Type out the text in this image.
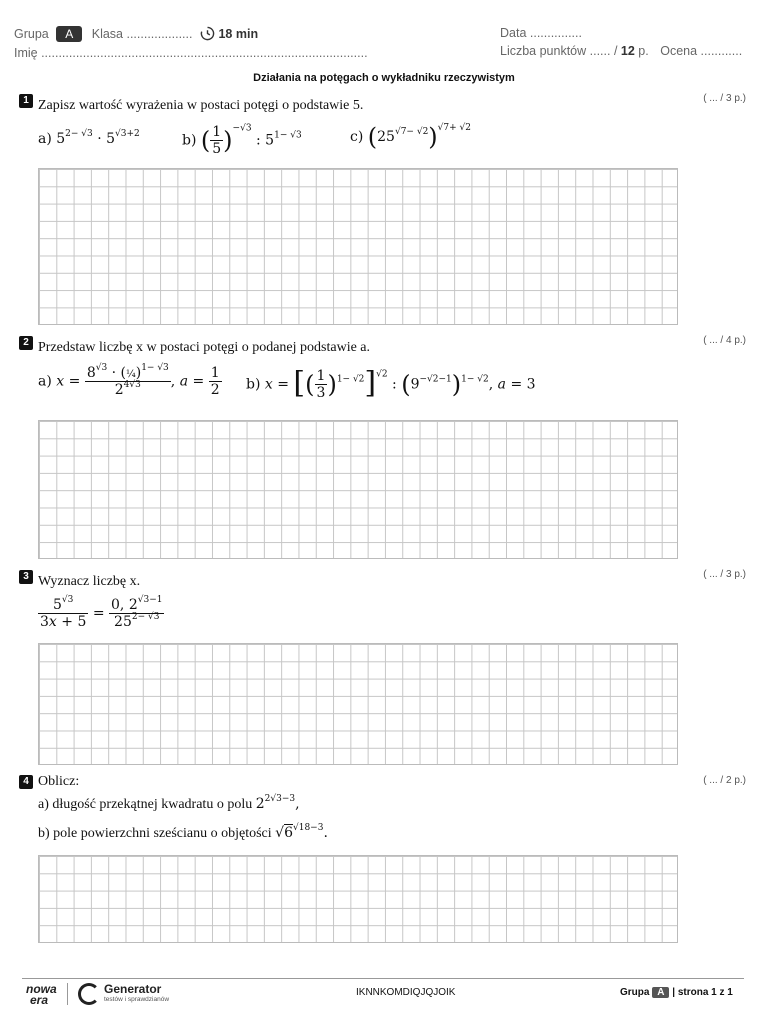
Grupa A Klasa ...................	18 min
Imię ..............................................................................................
Data ...............
Liczba punktów ...... / 12 p. Ocena ............
Działania na potęgach o wykładniku rzeczywistym
1 Zapisz wartość wyrażenia w postaci potęgi o podstawie 5.	( ... / 3 p.)
a) $5^{2- √3} \cdot 5^{√3+2}$	b) ( $\frac{1}{5} )^{-√3}$ : $5^{1- √3}$	c) $(25^{√7- √2})^{√7+ √2}$
2 Przedstaw liczbę x w postaci potęgi o podanej podstawie a.	( ... / 4 p.)
a) $x = \frac{8^{√3} \cdot (\frac{1}{4})^{1- √3}}{2^{4√3}}$ , $a = \frac{1}{2} b$) x = [( $\frac{1}{3} )^{1- √2}]^{√2}$ : $(9^{-√2-1})^{1- √2}$, a = 3
3 Wyznacz liczbę x.	( ... / 3 p.)
$\frac{5^{√3}}{3x + 5} = \frac{0, 2^{√3-1}}{25^{2- √3}}$
4 Oblicz:	( ... / 2 p.)
a) długość przekątnej kwadratu o polu $2^{2√3-3}$,
b) pole powierzchni sześcianu o objętości $√6^{√18-3}$.
nowa
era
Generator
testów i sprawdzianów
IKNNKOMDIQJQJOIK	Grupa A | strona 1 z 1
